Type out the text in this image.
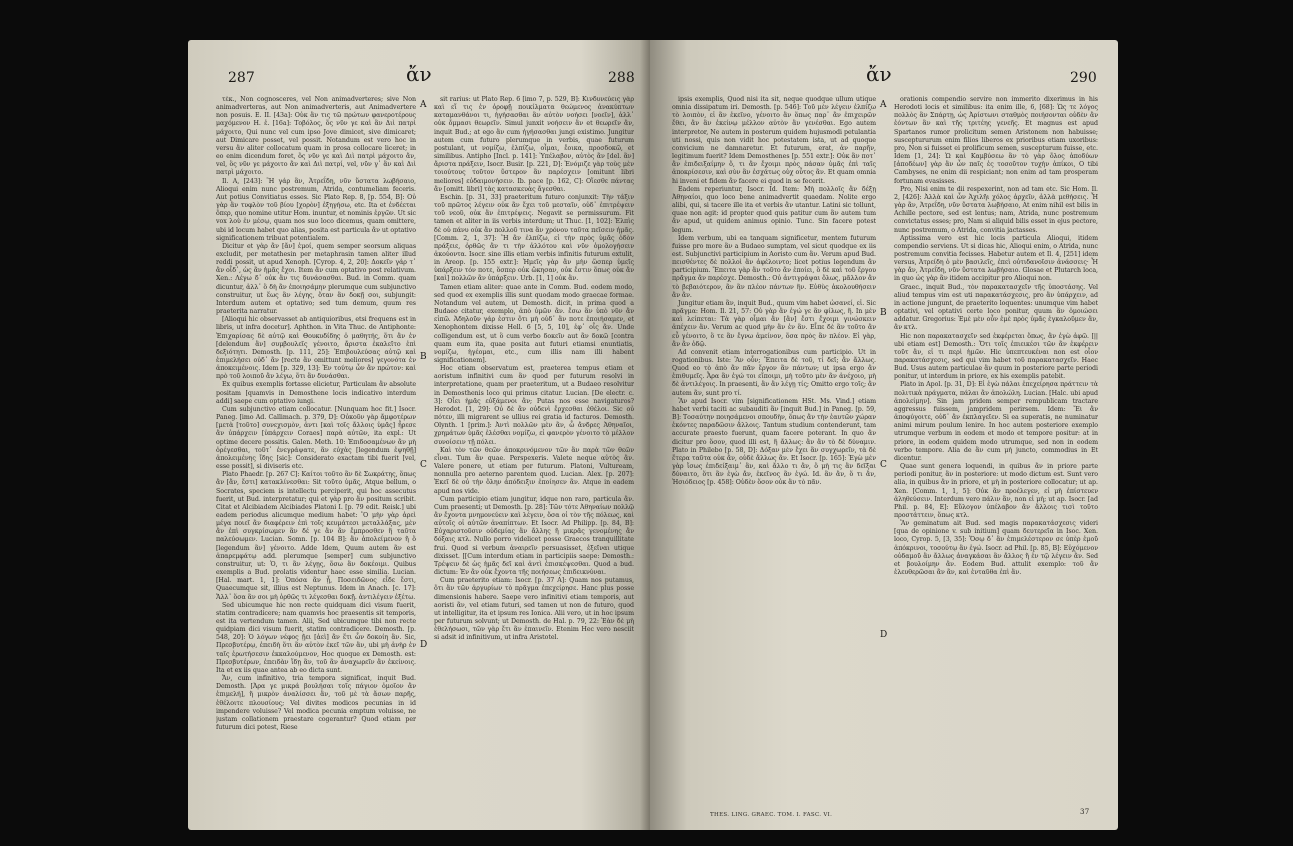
287	ἄν	288

τέκ., Non cognosceres, vel Non animadverteres; sive Non animadverteras, aut Non animadverteris, aut Animadvertere non posuis. E. II. [43a]: Οὐκ ἂν τις τῶ πρώτων φανεροτέρους μαχόμενον Η. ἐ. [16a]: Τοβόλος, ὅς νῦν γε καὶ ἂν Διὶ πατρὶ μάχοιτο, Qui nunc vel cum ipso Jove dimicet, sive dimicaret; aut Dimicare posset, vel possit. Notandum est vero hoc in versu ἂν aliter collocatum quam in prosa collocare liceret; in eo enim dicendum foret, ὃς νῦν γε καὶ Διὶ πατρὶ μάχοιτο ἄν, vel, ὃς νῦν γε μάχοιτο ἂν καὶ Διὶ πατρί, vel, νῦν γ᾽ ἂν καὶ Διὶ πατρὶ μάχοιτο.

Il. Α, [243]: Ἢ γάρ ἂν, Ἀτρεΐδη, νῦν ὕστατα λωβήσαιο, Alioqui enim nunc postremum, Atrida, contumeliam feceris. Aut potius Convitiatus esses. Sic Plato Rep. 8, [p. 554, B]: Οὐ γὰρ ἂν τυφλὸν τοῦ βίου [χορὸν] ἐξηγήσω, etc. Ita et ἐνδέεται ὅπερ, quo nomine utitur Hom. inuntur, et nominis ἐργῶν. Ut sic vox λοὺ ἐν μέσῳ, quam nos suo loco dicemus, quam omittere, ubi id locum habet quo alias, posita est particula ἂν ut optativo significationem tribuat potentialem.

Dicitur et γὰρ ἂν [ἄν] ἐμοί, quem semper seorsum aliquas excludit, per metathesin per metaphrasin tamen aliter illud reddi possit, ut apud Xenoph. [Cyrop. 4, 2, 20]: Δοκεῖν γάρ τ᾽ ἂν οἶδ᾽, ὡς ἂν ἡμᾶς ἔχοι. Item ἂν cum optativo post relativum. Xen.: Λέγω δ᾽ οὐκ ἂν τις δυνάσασθαι. Bud. in Comm. quam dicuntur, ἀλλ᾽ ὃ δὴ ἂν ἐποιησάμην plerumque cum subjunctivo construitur, ut ἕως ἂν λέγης, ὅταν ἂν δοκῇ σοι, subjungit: Interdum autem et optativo; sed tum demum, quum res praeterita narratur.

[Alioqui hic observasset ab antiquioribus, etsi frequens est in libris, ut infra docetur]. Aphthon. in Vita Thuc. de Antiphonte: Ἐπιχαρίσας δὲ αὐτῷ καὶ Θουκυδίδης ὁ μαθητής, ὅτι ἂν ἐν [delendum ἂν] συμβουλεῖς γένοιτο, ἄριστα ἐκαλεῖτο ἐπὶ δεξιότητι. Demosth. [p. 111, 25]: Ἐπιβουλεύσας αὐτῷ καὶ ἐπιμελήσει οὐδ᾽ ἂν [recte ἂν omittunt meliores] γεγονότα ἐν ἀποκειμένοις. Idem [p. 329, 13]: Ἐν τούτῳ ὧν ἂν πρώτον: καὶ πρὸ τοῦ λοιποῦ ἂν λέγω, ὅτι ἂν δυνάσθαι.

Ex quibus exemplis fortasse elicietur, Particulam ἂν absolute positam [quamvis in Demosthene locis indicativo interdum addi] saepe cum optativo iungi.

Cum subjunctivo etiam collocatur. [Nunquam hoc fit.] Isocr. Paneg. [imo Ad. Callimach. p. 379, D]: Οὐκοῦν γὰρ ἄμφοτέρων [μετὰ [τοῦτο] συνεχισμὸν, ἀντι [καὶ τοῖς ἄλλοις ὑμᾶς] ἦρεσε ἂν ὑπάρχειν [ὑπάρχειν Coraes] παρὰ αὐτῶν, ita expl.: Ut optime decere possitis. Galen. Meth. 10: Ἐπιδοσαμένων ἂν μὴ ὀρέγεσθαι, τοῦτ᾽ ἐνεγράψατε, ἂν εὐχὰς [legendum ἐψηθῇ] ἀπολειμένης ἴδης [sic]: Considerato exactam tibi fuerit [vel, esse possit], si diviseris etc.

Plato Phaedr. [p. 267 C]: Καίτοι τοῦτο ἂν δὲ Σωκράτης, ὅπως ἂν [ἄν, ἔστι] κατακλίνεσθαι: Sit τοῦτο ὑμᾶς, Atque bellum, o Socrates, speciem is intellectu perciperit, qui hoc assecutus fuerit, ut Bud. interpretatur; qui et γὰρ pro ἂν positum scribit. Citat et Alcibiadem Alcibiades Platoni I. [p. 79 edit. Reisk.] ubi eadem periodus alicumque medium habet: Ὃ μὴν γὰρ ἀρεὶ μέγα ποιεῖ ἂν διαφέρειν ἐπὶ τοῖς κευμάτεσι μεταλλάξας, μὲν ἂν ἐπὶ συγκρίσωμεν ἂν δέ γε ἂν ἂν ἔμπροσθεν ἢ ταῦτα παλεύσωμεν. Lucian. Somn. [p. 104 B]: ἂν ἀπολείμενον ἢ ὃ [legendum ἂν] γένοιτο. Adde Idem, Quum autem ἂν est ἀπαρεμφάτῳ add. plerumque [semper] cum subjunctivo construitur, ut: Ὁ, τι ἂν λέγῃς, ὅσω ἂν δοκέοιμι. Quibus exemplis a Bud. prolatis videntur haec esse similia. Lucian. [Hal. mart. 1, 1]: Ὁπόσα ἂν ᾖ, Ποσειδῶνος εἶδε ἔστι, Quaecumque sit, illius est Neptunus. Idem in Anach. [c. 17]: Ἄλλ᾽ ὅσα ἂν σοι μὴ ὀρθῶς τι λέγεσθαι δοκῇ. ἀντιλέγειν ἐξέτω.

Sed ubicumque hic non recte quidquam dici visum fuerit, statim contradicere; nam quamvis hoc praesentis sit temporis, est ita vertendum tamen. Alii, Sed ubicumque tibi non recte quidpiam dici visum fuerit, statim contradicere. Demosth. [p. 548, 20]: Ὁ λόγων νέφος ᾔει [ἀεὶ] ἂν ἕτι ὧν δοκοίη ἂν. Sic, Πρεσβυτέρῳ, ἐπειδὴ ὅτι ἂν αὐτὸν ἐκεῖ τῶν ἂν, ubi μὴ ἀνὴρ ἐν ταῖς ἐρωτήσεσιν ἐκκαλούμενον, Hoc quoque ex Demosth. est: Πρεσβυτέρων, ἐπειδὰν ἴδῃ ἂν, τοῦ ἂν ἀναχωρεῖν ἂν ἐκείνοις. Ita et ex iis quae antea ab eo dicta sunt.

Ἄν, cum infinitivo, tria tempora significat, inquit Bud. Demosth. [Ἀρα γε μικρά βουλήσαι τοῖς πάγιον ὁμοῖον ἂν ἐπιμελή], ἢ μικρὸν ἀναλίσσει ἂν, τοῦ μὲ τὰ ἄσων παρῆς, ἐθέλοιτε πλουσίους; Vel divites modicos pecunias in id impendere voluisse? Vel modica pecunia emptum voluisse, ne justam collationem praestare cogerantur? Quod etiam per futurum dici potest, Riese

A
B
C
D

sit rarius: ut Plato Rep. 6 [imo 7, p. 529, B]: Κινδυνεύεις γὰρ καὶ εἴ τις ἐν ὀροφῇ ποικίλματα θεώμενος ἀνακύπτων καταμανθάνοι τι, ἡγήσασθαι ἂν αὐτὸν νοήσει [νοεῖν], ἀλλ᾽ οὐκ ὄμμασι θεωρεῖν. Simul junxit νοήσειν ἂν et θεωρεῖν ἂν, inquit Bud.; at ego ἂν cum ἡγήσασθαι jungi existimo. Jungitur autem cum futuro plerumque in verbis, quae futurum postulant, ut νομίζω, ἐλπίζω, οἶμαι, ἔοικα, προσδοκῶ, et similibus. Antipho [Incl. p. 141]: Ὑπέλαβον, αὐτὸς ἂν [del. ἂν] ἄριστα πράξειν, Isocr. Busir. [p. 221, D]: Ἐνόμιζε γὰρ τοὺς μὲν τοιούτους τοῦτον ὕστερον ἂν παρέσχειν [omitunt libri meliores] εὐδαιμονήσειν. Ib. pace [p. 162, C]: Οἴεσθε πάντας ἂν [omitt. libri] τὰς κατασκευὰς ἄγεσθαι.

Eschin. [p. 31, 33] praeteritum futuro conjunxit: Τὴν τάξιν τοῦ πρῶτος λέγειν οὐκ ἂν ἔχει τοῦ μεσταῖν, οὐδ᾽ ἐπιτρέψειν τοῦ νεοῦ, οὐκ ἂν ἐπιτρέψεις. Negavit se permissurum. Fit tamen et aliter in iis verbis interdum; ut Thuc. [1, 102]: Ἐλπὶς δὲ οὐ πάνυ οὐκ ἂν πολλοῦ τινα ἂν χρόνου ταῦτα πεῖσειν ἡμᾶς. [Comm. 2, 1, 37]: Ἢ ἂν ἐλπίζω, εἰ τὴν πρὸς ὑμᾶς ὁδὸν πράξειε, ὀρθῶς ἂν τι τὴν ἀλλότου καὶ νῦν ὁμολογήσειν ἀκούοντα. Isocr. sine illis etiam verbis infinitis futurum extulit, in Areop. [p. 155 extr.]: Ἡμεῖς γὰρ ἂν μὴν ὥσπερ ὑμεῖς ὑπάρξειν τόν ποτε, ὅσπερ οὐκ ὤκησαν, οὐκ ἔστιν ὅπως οὐκ ἂν [καὶ] πολλῶν ἂν ὑπάρξειν. Urb. [1, 1] οὐκ ἂν.

Tamen etiam aliter: quae ante in Comm. Bud. eodem modo, sed quod ex exemplis illis sunt quodam modo graecae formae. Notandum vel autem, ut Demosth. dicit, in prima quod a Budaeo citatur, exemplo, ἀπὸ ὑμῶν ἂν. ἕσω ἂν ὑπὸ νῦν ἂν εἰπῶ. Ἀδηλοῦν γάρ ἐστιν ὅτι μὴ οὐδ᾽ ἂν ποτε ἐποιήσαμεν, et Xenophontem dixisse Hell. 6 [5, 5, 10], ἐφ᾽ οἷς ἂν. Unde colligendum est, ut ὃ cum verbo δοκεῖν aut ἂν δοκῶ [contra quam eum ita, quae posita aut futuri etiamsi enuntiatis, νομίζω, ἡγέομαι, etc., cum illis nam illi habent significationem].

Hoc etiam observatum est, praeterea tempus etiam et aoristum infinitivi cum ἂν quod per futurum resolvi in interpretatione, quam per praeteritum, ut a Budaeo resolvitur in Demosthenis loco qui primus citatur. Lucian. [De electr. c. 3]: Οἶει ἡμᾶς εὐξάμενοι ἂν; Putas nos esse navigaturos? Herodot. [1, 29]: Οὐ δὲ ἂν οὐδενὶ ἔρχεσθαι ἐθέλοι. Sic οὐ πότεν, illi migrarent se ullius rei gratia id facturos. Demosth. Olynth. 1 [prim.]: Ἀντὶ πολλῶν μὲν ἂν, ὦ ἄνδρες Ἀθηναῖοι, χρημάτων ὑμᾶς ἑλέσθαι νομίζω, εἰ φανερὸν γένοιτο τὸ μέλλον συνοίσειν τῇ πόλει.

Καὶ τὸν τῶν θεῶν ἀποκρινόμενον τῶν ἂν παρὰ τῶν θεῶν εἶναι. Tum ἂν quae. Perspexeris. Valete neque αὐτὸς ἂν. Valere ponere, ut etiam per futurum. Platoni, Vultuream, nonnulla pro aeterno parentem quod. Lucian. Alex. [p. 207]: Ἐκεῖ δὲ οὐ τὴν ὅλην ἀπόδειξιν ἐποίησεν ἂν. Atque in eadem apud nos vide.

Cum participio etiam jungitur, idque non raro, particula ἂν. Cum praesenti; ut Demosth. [p. 28]: Τῶν τότε Ἀθηναίων πολλῷ ἂν ἔχοντα μνημονεύειν καὶ λέγειν, ὅσα οἱ τὸν τῆς πόλεως, καὶ αὐτοῖς οἱ αὐτῶν ἀναπίπτων. Et Isocr. Ad Philipp. [p. 84, B]: Εὐχαριστοῦσιν οὐδεμίας ἂν ἄλλης ἢ μικρᾶς γενομένης ἂν δόξαις κτλ. Nullo porro videlicet posse Graecos tranquillitate frui. Quod si verbum ἀναιρεῖν persuasisset, ἐξεῖναι utique dixisset. [[Cum interdum etiam in participiis saepe: Demosth.: Τρέψειν δὲ ὡς ἡμᾶς δεῖ καὶ ἀντὶ ἐπισκέψεσθαι. Quod a bud. dictum: Ἐν ἂν οὐκ ἔχοντα τῆς ποιήσεως ἐπιδεικνύναι.

Cum praeterito etiam: Isocr. [p. 37 A]: Quam nos putamus, ὅτι ἂν τῶν ἀργυρίων τὸ πρᾶγμα ἐπεχείρησε. Hanc plus posse dimensionis habere. Saepe vero infinitivi etiam temporis, aut aoristi ἂν, vel etiam futuri, sed tamen ut non de futuro, quod ut intelligitur, ita et ipsum res Ionica. Alii vero, ut in hoc ipsum per futurum solvunt; ut Demosth. de Hal. p. 79, 22: Ἐὰν δὲ μὴ ἐθελήσωσι, τῶν γὰρ ἔτι ἂν ἐπαινεῖν. Etenim Hec vero nesciit si adsit id infinitivum, ut infra Aristotel.

ἄν	290

ipsis exemplis, Quod nisi ita sit, neque quodque ullum utique omnia dissipatum iri. Demosth. [p. 546]: Τοῦ μὲν λέγειν ἐλπίζω τὸ λοιπὸν, εἰ ἂν ἐκεῖνο, γένοιτο ἂν ὅπως παρ᾽ ἂν ἐπιχειρῶν ἔθει, ἂν ἂν ἐκείνῳ μέλλον αὐτὸν ἂν γενέσθαι. Ego autem interpretor, Ne autem in posterum quidem hujusmodi petulantia uti nossi, quis non vidit hoc potestatem ista, ut ad quoque convicium ne damnaretur. Et futurum, erat, ἀν παρῆν, legitimum fuerit? Idem Demosthenes [p. 551 extr.]: Οὐκ ἂν ποτ᾽ ἂν ἐπιδειξαίμην ὅ, τι ἂν ἔχοιμι πρὸς πάσαν ὑμᾶς ἐπὶ ταῖς ἀποκρίσεσιν, καὶ σὺν ἂν ἐσχάτως οὐχ οὗτος ἂν. Et quam omnia hi inveni et fidem ἂν facere ei quod in se fecerit.

Eadem reperiuntur, Isocr. Id. Item: Μὴ πολλοῖς ἂν δέξῃ Ἀθηναίοι, quo loco bene animadvertit quaedam. Nolite ergo alibi, qui, si tacere ille ita et verbis ἂν utantur. Latini sic tollunt, quae non agit: id propter quod quis patitur cum ἂν autem tum ἂν apud, ut quidem animus opinio. Tunc. Sin facere potest legum.

Idem verbum, ubi ea tanquam significetur, mentem futurum fuisse pro more ἂν a Budaeo sumptam, vel sicut quodque ex iis est. Subjunctivi participium in Aoristo cum ἂν. Verum apud Bud. πεισθέντες δὲ πολλοὶ ἂν ἀφέλοιντο; licet potius legendum ἂν participium. Ἔπειτα γὰρ ἂν τοῦτο ἂν ἐποίει, ὃ δὲ καὶ τοῦ ἔργου πρᾶγμα ἂν παρέσχε. Demosth.: Οὐ ἀντιγράψαι ὅλως, μᾶλλον ἂν τὸ βεβαιότερον, ἂν ἂν πλέον πάντων ἢν. Εὐθὺς ἀκολουθήσειν ἂν ἂν.

Jungitur etiam ἂν, inquit Bud., quum vim habet ὡσανεί, εἰ. Sic πρᾶγμα: Hom. Il. 21, 57: Οὐ γὰρ ἂν ἐγώ γε ἂν φίλως, ἢ. In μὲν καὶ λείπεται: Τὰ γὰρ οἶμαι ἂν [ἂν] ἔστι ἔχοιμι γινώσκειν ἀπέχειν ἂν. Verum ac quod μὴν ἂν ἐν ἂν. Εἶπε δὲ ἂν τοῦτο ἂν εὖ γένοιτο, ὃ τε ἂν ἔγνω ἀμείνον, ὅσα πρὸς ἂν πλέον. Εἰ γὰρ, ἂν ἂν ὁδῷ.

Ad convenit etiam interrogationibus cum participio. Ut in rogationibus. Iste: Ἂν οὖν; Ἔπειτα δὲ τοῦ, τί δεῖ; ἂν ἄλλως. Quod eo τὸ ἀπὸ ἂν πᾶν ἔργον ἂν πάντων; ut ipsa ergo ἂν ἐπιθυμεῖς. Ἆρα ἂν ἐγώ τοι εἴποιμι, μὴ τοῦτο μὲν ἂν ἀνέχοιο, μὴ δὲ ἀντιλέγοις. In praesenti, ἂν ἂν λέγῃ τίς; Omitto ergo τοῖς; ἂν autem ἂν, sunt pro τί.

Ἂν apud Isocr. vim [significationem HSt. Ms. Vind.] etiam habet verbi taciti ac subauditi ἂν [inquit Bud.] in Paneg. [p. 59, B]: Τοσαύτην ποιησάμενοι σπουδὴν, ὅπως ἂν τὴν ἑαυτῶν χώραν ἐκόντες παραδῶσιν ἄλλοις. Tantum studium contenderunt, tam accurate praesto fuerunt, quam facere poterant. In quo ἂν dicitur pro ὅσον, quod illi est, ἢ ἄλλως: ἂν ἂν τὸ δὲ δύναμιν. Plato in Philebo [p. 58, D]: Δόξαν μὲν ἔχει ἂν συγχωρεῖν, τὰ δὲ ἕτερα ταῦτα οὐκ ἂν, οὐδὲ ἄλλως ἂν. Et Isocr. [p. 165]: Ἐγὼ μὲν γὰρ ἴσως ἐπιδείξαιμ᾽ ἂν, καὶ ἄλλο τι ἂν, ὃ μὴ τις ἂν δεῖξαι δύναιτο, ὅτι ἂν ἐγὼ ἄν, ἐκεῖνος ἂν ἐγώ. Id. ἂν ἂν, ὅ τι ἂν, Ἡσιόδειος [p. 458]: Οὐδὲν ὅσον οὐκ ἂν τὸ πᾶν.

A
B
C
D

orationis compendio servire non immerito dixerimus in his Herodoti locis et similibus: ita enim ille, 6, [68]: Ὡς τε λόγος πολλὸς ἂν Σπάρτῃ, ὡς Ἀρίστωνι σταθμὸς ποιήσονται οὐδὲν ἂν ἐόντων ἂν καὶ τῆς τριτέης γενεῆς. Et magnus est apud Spartanos rumor prolicitum semen Aristonem non habuisse; susceptururum enim filios liberos ex prioribus etiam uxoribus: pro, Non si fuisset ei prolificum semen, suscepturum fuisse, etc. Idem [1, 24]: Ὡ καὶ Καμβύσεω ἂν τὸ γὰρ ὅλος ἀποδύων [ἀποδέων] γὰρ ἂν ὧν παῖς ἐς τοσοῦτον τυχὴν ἀπίκοι, Ο tibi Cambyses, ne enim dii respiciant; non enim ad tam prosperam fortunam evasisses.

Pro, Nisi enim te dii respexerint, non ad tam etc. Sic Hom. Il. 2, [426]: Ἀλλὰ καὶ ὧν Ἀχιλῆι χόλος ἀρχεῖν, ἀλλὰ μεθήσεις. Ἦ γὰρ ἂν, Ἀτρεΐδη, νῦν ὕστατα λωβήσαιο, At enim nihil est bilis in Achille pectore, sed est lentus; nam, Atrida, nunc postremum convictatus esses; pro, Nam si aliquid bilis esset in ejus pectore, nunc postremum, o Atrida, convitia jactasses.

Aptissima vero est hic locis particula Alioqui, itidem compendio serviens. Ut si dicas hic, Alioqui enim, o Atrida, nunc postremum convitia fecisses. Habetur autem et Il. 4, [251] idem versus, Ἀτρείδη ὁ μὲν βασιλεῖς, ἐπεὶ οὐτιδανοῖσιν ἀνάσσεις· Ἦ γὰρ ἄν, Ἀτρεΐδη, νῦν ὕστατα λωβήσαιο. Glosae et Plutarch loca, in quo ὡς γὰρ ἂν itidem accipitur pro Alioqui non.

Graec., inquit Bud., τὸν παρακατασχεῖν τῆς ὑποστάσης. Vel aliud tempus vim est uti παρακατάσχεσις, pro ἂν ὑπάρχειν, ad in actione jungunt, de praeterito loquentes: unumque vim habet optativi, vel optativi certe loco ponitur, quum ἂν ὁμοιώσει addatur. Gregorius: Ἐμὲ μὲν οὖν ἐμὲ πρὸς ὑμᾶς ἐγκαλοῦμεν ἂν, ἂν κτλ.

Hic non παρακατασχεῖν sed ἐκφέρεται ὅπως, ἂν ἐγὼ ἀφῶ. [|| ubi etiam est] Demosth.: Ὅτι τοῖς ἐπιεικέσι τῶν ἂν ἐκφέρειν τοῦτ ἂν, εἰ τι περὶ ἡμῶν. Hic ὑπεπτευκέναι non est οἷον παρακατάσχεσις, sed qui vim habet τοῦ παρακατασχεῖν. Haec Bud. Usus autem particulae ἂν quum in posteriore parte periodi ponitur, ut interdum in priore, ex his exemplis patebit.

Plato in Apol. [p. 31, D]: Εἰ ἐγὼ πάλαι ἐπεχείρησα πράττειν τὰ πολιτικὰ πράγματα, πάλαι ἂν ἀπολώλη. Lucian. [Halc. ubi apud ἀπολείμην]. Sin jam pridem semper rempublicam tractare aggressus fuissem, jampridem perirsem. Idem: Ἔι ἂν ἀποφύγοιτε, οὐδ᾽ ἂν ἐκπλαγεῖεν. Si ea superatis, ne numinatur animi mirum poulum lenire. In hoc autem posteriore exemplo utrumque verbum in eodem et modo et tempore positur: at in priore, in eodem quidem modo utrumque, sed non in eodem verbo tempore. Alia de ἂν cum μὴ juncto, commodius in Et dicentur.

Quae sunt genera loquendi, in quibus ἂν in priore parte periodi ponitur, ἂν in posteriore: ut modo dictum est. Sunt vero alia, in quibus ἂν in priore, et μὴ in posteriore collocatur; ut ap. Xen. [Comm. 1, 1, 5]: Οὐκ ἂν προέλεγεν, εἰ μὴ ἐπίστευεν ἀληθεύσειν. Interdum vero πάλιν ἂν, non εἰ μὴ; ut ap. Isocr. [ad Phil. p. 84, E]: Εὔλογον ὑπέλαβον ἂν ἄλλοις τισὶ τοῦτο προστάττειν, ὅπως κτλ.

Ἂν geminatum ait Bud. sed magis παρακατάσχεσις videri [qua de opinione v. sub initium] quam δευτερεῖα in Isoc. Xen. loco, Cyrop. 5, [3, 35]: Ὅσῳ δ᾽ ἂν ἐπιμελέστερον σε ὑπὲρ ἐμοῦ ἀπόκρινοι, τοσούτῳ ἂν ἐγώ. Isocr. ad Phil. [p. 85, B]: Εὐχόμενον οὐδαμοῦ ἂν ἄλλως ἀναγκάσαι ἂν ἄλλος ἢ ἐν τῷ λέγειν ἂν. Sed et βουλοίμην ἂν. Eodem Bud. attulit exemplo: τοῦ ἂν ἐλευθερῶσαι ἂν ἂν, καὶ ἐνταῦθα ἐπὶ ἂν.

THES. LING. GRAEC. TOM. I. FASC. VI.	37
